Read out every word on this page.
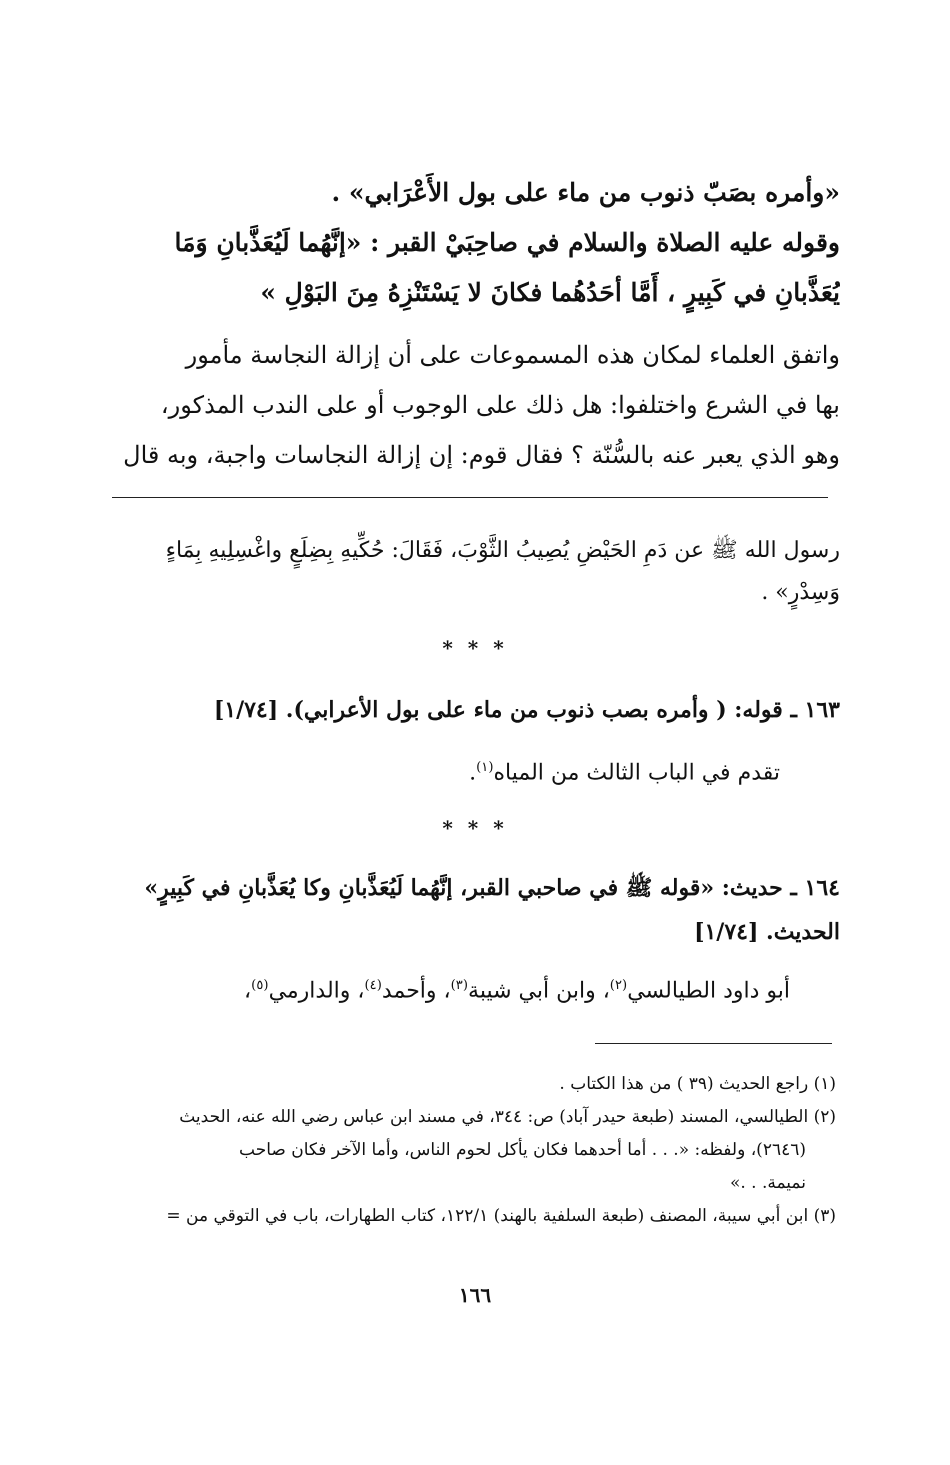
«وأمره بصَبّ ذنوب من ماء على بول الأَعْرَابي» .
وقوله عليه الصلاة والسلام في صاحِبَيْ القبر : «إنَّهُما لَيُعَذَّبانِ وَمَا
يُعَذَّبانِ في كَبِيرٍ ، أَمَّا أحَدُهُما فكانَ لا يَسْتَنْزِهُ مِنَ البَوْلِ »
واتفق العلماء لمكان هذه المسموعات على أن إزالة النجاسة مأمور
بها في الشرع واختلفوا: هل ذلك على الوجوب أو على الندب المذكور،
وهو الذي يعبر عنه بالسُّنّة ؟ فقال قوم: إن إزالة النجاسات واجبة، وبه قال
رسول الله ﷺ عن دَمِ الحَيْضِ يُصِيبُ الثَّوْبَ، فَقَالَ: حُكِّيهِ بِضِلَعٍ واغْسِلِيهِ بِمَاءٍ
وَسِدْرٍ» .
* * *
١٦٣ ـ قوله: ( وأمره بصب ذنوب من ماء على بول الأعرابي). [١/٧٤]
تقدم في الباب الثالث من المياه$^{(١)}$.
* * *
١٦٤ ـ حديث: «قوله ﷺ في صاحبي القبر، إنَّهُما لَيُعَذَّبانِ وكا يُعَذَّبانِ في كَبِيرٍ»
الحديث. [١/٧٤]
أبو داود الطيالسي$^{(٢)}$، وابن أبي شيبة$^{(٣)}$، وأحمد$^{(٤)}$، والدارمي$^{(٥)}$،
(١) راجع الحديث (٣٩ ) من هذا الكتاب .
(٢) الطيالسي، المسند (طبعة حيدر آباد) ص: ٣٤٤، في مسند ابن عباس رضي الله عنه، الحديث
(٢٦٤٦)، ولفظه: «. . . أما أحدهما فكان يأكل لحوم الناس، وأما الآخر فكان صاحب
نميمة. . .»
(٣) ابن أبي سيبة، المصنف (طبعة السلفية بالهند) ١٢٢/١، كتاب الطهارات، باب في التوقي من =
١٦٦
